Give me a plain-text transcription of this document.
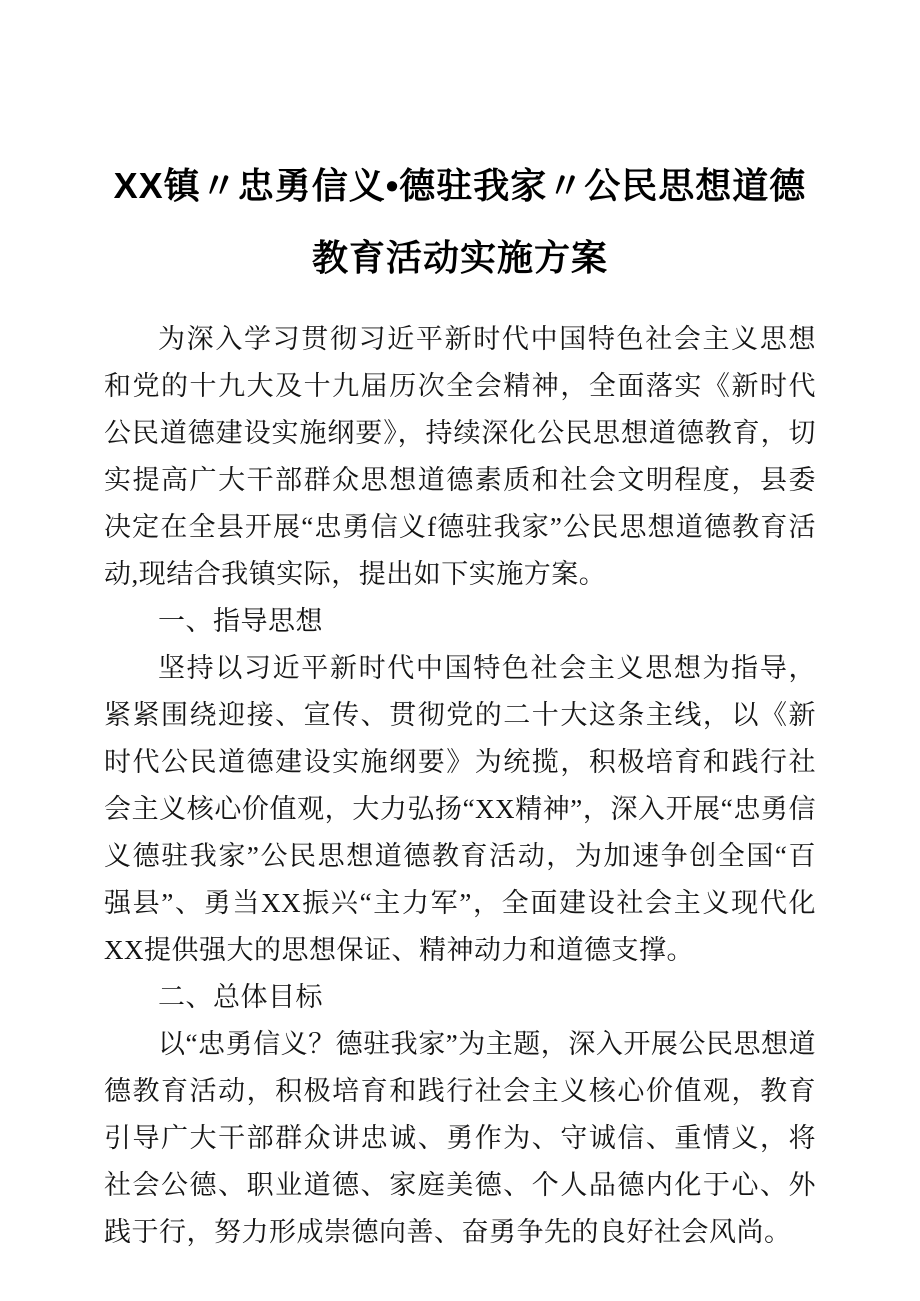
XX镇〃忠勇信义•德驻我家〃公民思想道德教育活动实施方案

为深入学习贯彻习近平新时代中国特色社会主义思想和党的十九大及十九届历次全会精神，全面落实《新时代公民道德建设实施纲要》，持续深化公民思想道德教育，切实提高广大干部群众思想道德素质和社会文明程度，县委决定在全县开展“忠勇信义f德驻我家”公民思想道德教育活动,现结合我镇实际，提出如下实施方案。

一、指导思想

坚持以习近平新时代中国特色社会主义思想为指导，紧紧围绕迎接、宣传、贯彻党的二十大这条主线，以《新时代公民道德建设实施纲要》为统揽，积极培育和践行社会主义核心价值观，大力弘扬“XX精神”，深入开展“忠勇信义德驻我家”公民思想道德教育活动，为加速争创全国“百强县”、勇当XX振兴“主力军”，全面建设社会主义现代化XX提供强大的思想保证、精神动力和道德支撑。

二、总体目标

以“忠勇信义？德驻我家”为主题，深入开展公民思想道德教育活动，积极培育和践行社会主义核心价值观，教育引导广大干部群众讲忠诚、勇作为、守诚信、重情义，将社会公德、职业道德、家庭美德、个人品德内化于心、外践于行，努力形成崇德向善、奋勇争先的良好社会风尚。
